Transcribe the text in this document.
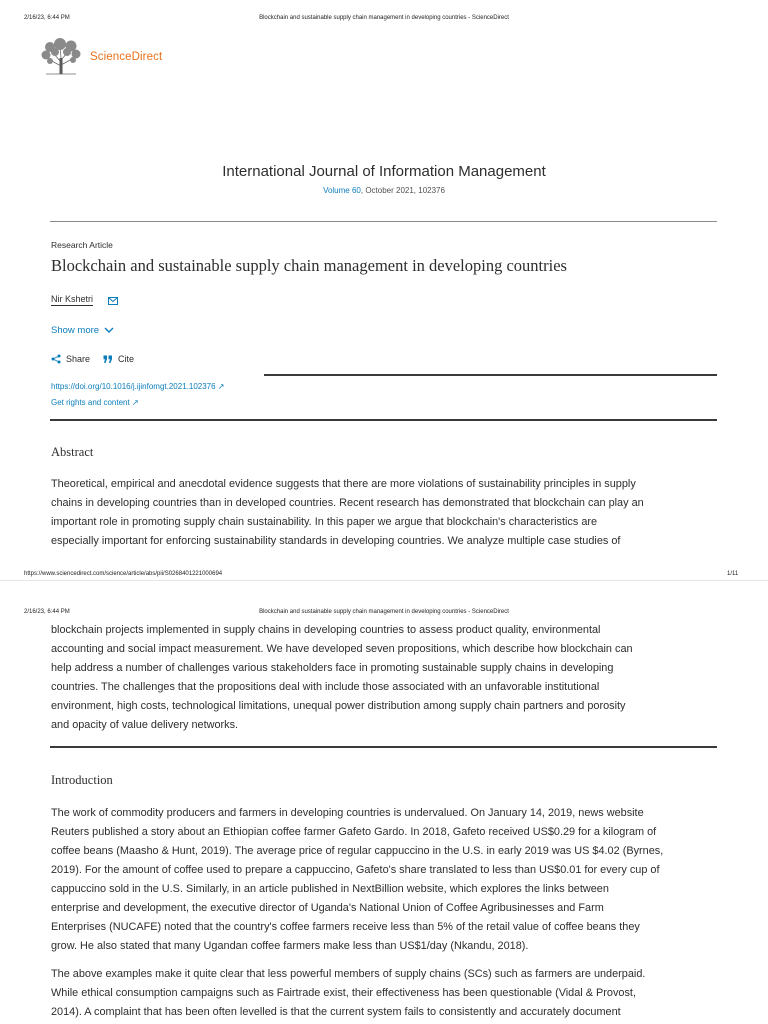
2/16/23, 6:44 PM	Blockchain and sustainable supply chain management in developing countries - ScienceDirect
ScienceDirect
International Journal of Information Management
Volume 60, October 2021, 102376
Research Article
Blockchain and sustainable supply chain management in developing countries
Nir Kshetri
Show more
Share	Cite
https://doi.org/10.1016/j.ijinfomgt.2021.102376 ↗
Get rights and content ↗
Abstract
Theoretical, empirical and anecdotal evidence suggests that there are more violations of sustainability principles in supply
chains in developing countries than in developed countries. Recent research has demonstrated that blockchain can play an
important role in promoting supply chain sustainability. In this paper we argue that blockchain's characteristics are
especially important for enforcing sustainability standards in developing countries. We analyze multiple case studies of
https://www.sciencedirect.com/science/article/abs/pii/S0268401221000694	1/11
2/16/23, 6:44 PM	Blockchain and sustainable supply chain management in developing countries - ScienceDirect
blockchain projects implemented in supply chains in developing countries to assess product quality, environmental
accounting and social impact measurement. We have developed seven propositions, which describe how blockchain can
help address a number of challenges various stakeholders face in promoting sustainable supply chains in developing
countries. The challenges that the propositions deal with include those associated with an unfavorable institutional
environment, high costs, technological limitations, unequal power distribution among supply chain partners and porosity
and opacity of value delivery networks.
Introduction
The work of commodity producers and farmers in developing countries is undervalued. On January 14, 2019, news website
Reuters published a story about an Ethiopian coffee farmer Gafeto Gardo. In 2018, Gafeto received US$0.29 for a kilogram of
coffee beans (Maasho & Hunt, 2019). The average price of regular cappuccino in the U.S. in early 2019 was US $4.02 (Byrnes,
2019). For the amount of coffee used to prepare a cappuccino, Gafeto's share translated to less than US$0.01 for every cup of
cappuccino sold in the U.S. Similarly, in an article published in NextBillion website, which explores the links between
enterprise and development, the executive director of Uganda's National Union of Coffee Agribusinesses and Farm
Enterprises (NUCAFE) noted that the country's coffee farmers receive less than 5% of the retail value of coffee beans they
grow. He also stated that many Ugandan coffee farmers make less than US$1/day (Nkandu, 2018).
The above examples make it quite clear that less powerful members of supply chains (SCs) such as farmers are underpaid.
While ethical consumption campaigns such as Fairtrade exist, their effectiveness has been questionable (Vidal & Provost,
2014). A complaint that has been often levelled is that the current system fails to consistently and accurately document
